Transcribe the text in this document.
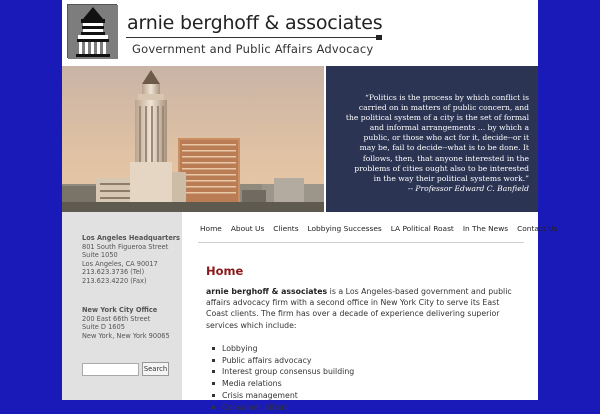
arnie berghoff & associates
Government and Public Affairs Advocacy
“Politics is the process by which conflict is
carried on in matters of public concern, and
the political system of a city is the set of formal
and informal arrangements ... by which a
public, or those who act for it, decide--or it
may be, fail to decide--what is to be done. It
follows, then, that anyone interested in the
problems of cities ought also to be interested
in the way their political systems work.”
-- Professor Edward C. Banfield
Los Angeles Headquarters
801 South Figueroa Street
Suite 1050
Los Angeles, CA 90017
213.623.3736 (Tel)
213.623.4220 (Fax)
New York City Office
200 East 66th Street
Suite D 1605
New York, New York 90065
Search
Home About Us Clients Lobbying Successes LA Political Roast In The News Contact Us
Home

arnie berghoff & associates is a Los Angeles-based government and public affairs advocacy firm with a second office in New York City to serve its East Coast clients. The firm has over a decade of experience delivering superior services which include:

Lobbying
Public affairs advocacy
Interest group consensus building
Media relations
Crisis management
Consumer affairs
